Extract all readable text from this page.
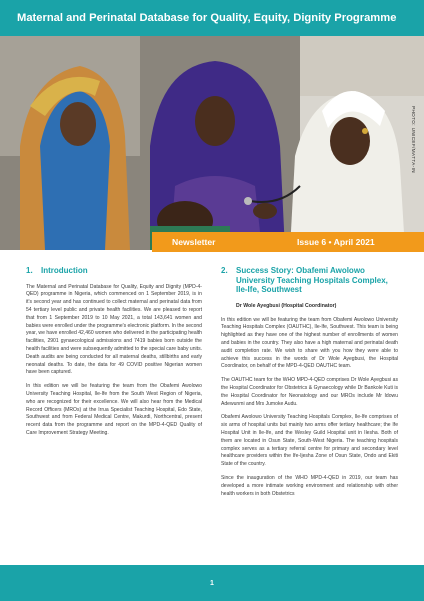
Maternal and Perinatal Database for Quality, Equity, Dignity Programme
PHOTO: UNICEF/MATTA-IN
Newsletter	Issue 6 • April 2021
1. Introduction

The Maternal and Perinatal Database for Quality, Equity and Dignity (MPD-4-QED) programme in Nigeria, which commenced on 1 September 2019, is in it's second year and has continued to collect maternal and perinatal data from 54 tertiary level public and private health facilities. We are pleased to report that from 1 September 2019 to 10 May 2021, a total 143,641 women and babies were enrolled under the programme's electronic platform. In the second year, we have enrolled 42,460 women who delivered in the participating health facilities, 2901 gynaecological admissions and 7419 babies born outside the health facilities and were subsequently admitted to the special care baby units. Death audits are being conducted for all maternal deaths, stillbirths and early neonatal deaths. To date, the data for 49 COVID positive Nigerian women have been captured.

In this edition we will be featuring the team from the Obafemi Awolowo University Teaching Hospital, Ile-Ife from the South West Region of Nigeria, who are recognized for their excellence. We will also hear from the Medical Record Officers (MROs) at the Irrua Specialist Teaching Hospital, Edo State, Southwest and from Federal Medical Centre, Makurdi, Northcentral, present recent data from the programme and report on the MPD-4-QED Quality of Care Improvement Strategy Meeting.

2.	Success Story: Obafemi Awolowo University Teaching Hospitals Complex, Ile-Ife, Southwest
Dr Wole Ayegbusi (Hospital Coordinator)

In this edition we will be featuring the team from Obafemi Awolowo University Teaching Hospitals Complex (OAUTHC), Ile-Ife, Southwest. This team is being highlighted as they have one of the highest number of enrollments of women and babies in the country. They also have a high maternal and perinatal death audit completion rate. We wish to share with you how they were able to achieve this success in the words of Dr Wole Ayegbusi, the Hospital Coordinator, on behalf of the MPD-4-QED OAUTHC team.

The OAUTHC team for the WHO MPD-4-QED comprises Dr Wole Ayegbusi as the Hospital Coordinator for Obstetrics & Gynaecology while Dr Bankole Kuti is the Hospital Coordinator for Neonatology and our MROs include Mr Idowu Adewunmi and Mrs Jumoke Audu.

Obafemi Awolowo University Teaching Hospitals Complex, Ile-Ife comprises of six arms of hospital units but mainly two arms offer tertiary healthcare; the Ife Hospital Unit in Ile-Ife, and the Wesley Guild Hospital unit in Ilesha. Both of them are located in Osun State, South-West Nigeria. The teaching hospitals complex serves as a tertiary referral centre for primary and secondary level healthcare providers within the Ife-Ijesha Zone of Osun State, Ondo and Ekiti State of the country.

Since the inauguration of the WHO MPD-4-QED in 2019, our team has developed a more intimate working environment and relationship with other health workers in both Obstetrics

1
